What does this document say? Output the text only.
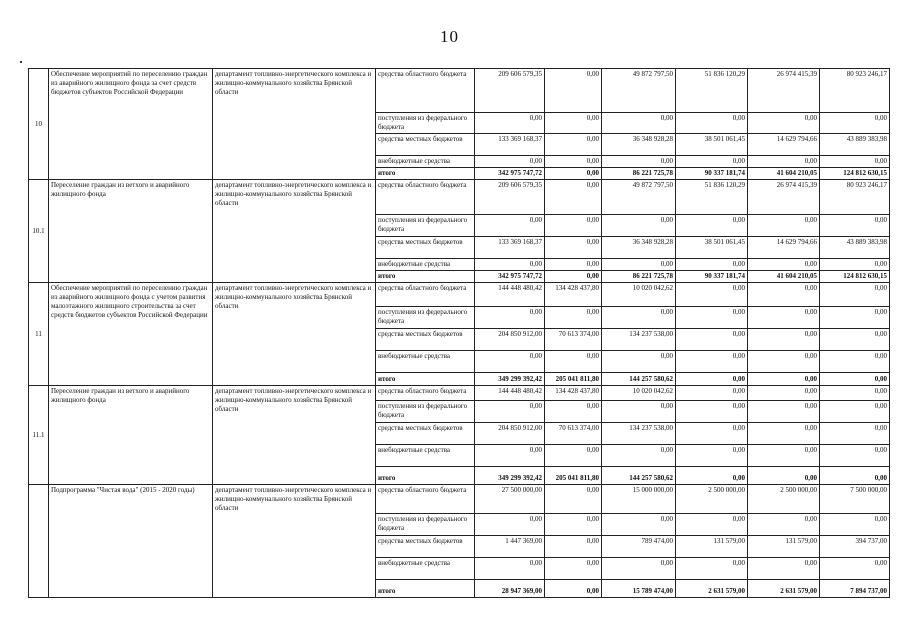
10
10	Обеспечение мероприятий по переселению граждан из аварийного жилищного фонда за счет средств бюджетов субъектов Российской Федерации	департамент топливно-энергетического комплекса и жилищно-коммунального хозяйства Брянской области	средства областного бюджета	209 606 579,35	0,00	49 872 797,50	51 836 120,29	26 974 415,39	80 923 246,17
			поступления из федерального бюджета	0,00	0,00	0,00	0,00	0,00	0,00
			средства местных бюджетов	133 369 168,37	0,00	36 348 928,28	38 501 061,45	14 629 794,66	43 889 383,98
			внебюджетные средства	0,00	0,00	0,00	0,00	0,00	0,00
			итого	342 975 747,72	0,00	86 221 725,78	90 337 181,74	41 604 210,05	124 812 630,15
10.1	Переселение граждан из ветхого и аварийного жилищного фонда	департамент топливно-энергетического комплекса и жилищно-коммунального хозяйства Брянской области	средства областного бюджета	209 606 579,35	0,00	49 872 797,50	51 836 120,29	26 974 415,39	80 923 246,17
			поступления из федерального бюджета	0,00	0,00	0,00	0,00	0,00	0,00
			средства местных бюджетов	133 369 168,37	0,00	36 348 928,28	38 501 061,45	14 629 794,66	43 889 383,98
			внебюджетные средства	0,00	0,00	0,00	0,00	0,00	0,00
			итого	342 975 747,72	0,00	86 221 725,78	90 337 181,74	41 604 210,05	124 812 630,15
11	Обеспечение мероприятий по переселению граждан из аварийного жилищного фонда с учетом развития малоэтажного жилищного строительства за счет средств бюджетов субъектов Российской Федерации	департамент топливно-энергетического комплекса и жилищно-коммунального хозяйства Брянской области	средства областного бюджета	144 448 480,42	134 428 437,80	10 020 042,62	0,00	0,00	0,00
			поступления из федерального бюджета	0,00	0,00	0,00	0,00	0,00	0,00
			средства местных бюджетов	204 850 912,00	70 613 374,00	134 237 538,00	0,00	0,00	0,00
			внебюджетные средства	0,00	0,00	0,00	0,00	0,00	0,00
			итого	349 299 392,42	205 041 811,80	144 257 580,62	0,00	0,00	0,00
11.1	Переселение граждан из ветхого и аварийного жилищного фонда	департамент топливно-энергетического комплекса и жилищно-коммунального хозяйства Брянской области	средства областного бюджета	144 448 480,42	134 428 437,80	10 020 042,62	0,00	0,00	0,00
			поступления из федерального бюджета	0,00	0,00	0,00	0,00	0,00	0,00
			средства местных бюджетов	204 850 912,00	70 613 374,00	134 237 538,00	0,00	0,00	0,00
			внебюджетные средства	0,00	0,00	0,00	0,00	0,00	0,00
			итого	349 299 392,42	205 041 811,80	144 257 580,62	0,00	0,00	0,00
	Подпрограмма "Чистая вода" (2015 - 2020 годы)	департамент топливно-энергетического комплекса и жилищно-коммунального хозяйства Брянской области	средства областного бюджета	27 500 000,00	0,00	15 000 000,00	2 500 000,00	2 500 000,00	7 500 000,00
			поступления из федерального бюджета	0,00	0,00	0,00	0,00	0,00	0,00
			средства местных бюджетов	1 447 369,00	0,00	789 474,00	131 579,00	131 579,00	394 737,00
			внебюджетные средства	0,00	0,00	0,00	0,00	0,00	0,00
			итого	28 947 369,00	0,00	15 789 474,00	2 631 579,00	2 631 579,00	7 894 737,00
